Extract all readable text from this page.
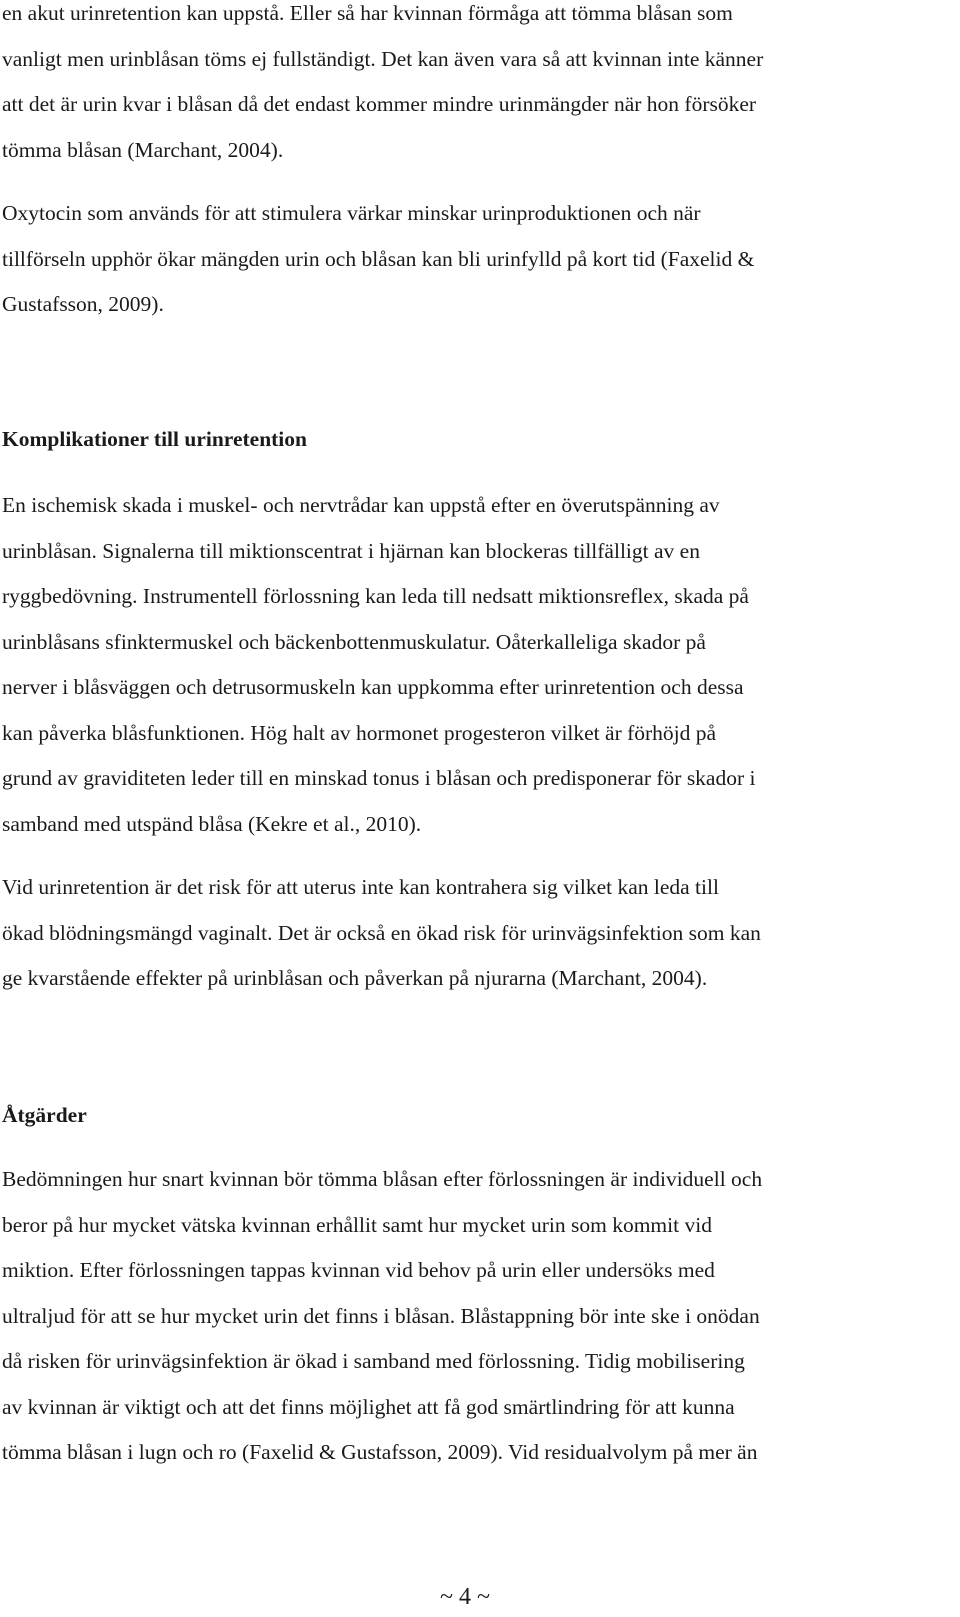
en akut urinretention kan uppstå. Eller så har kvinnan förmåga att tömma blåsan som
vanligt men urinblåsan töms ej fullständigt. Det kan även vara så att kvinnan inte känner
att det är urin kvar i blåsan då det endast kommer mindre urinmängder när hon försöker
tömma blåsan (Marchant, 2004).
Oxytocin som används för att stimulera värkar minskar urinproduktionen och när
tillförseln upphör ökar mängden urin och blåsan kan bli urinfylld på kort tid (Faxelid &
Gustafsson, 2009).
Komplikationer till urinretention
En ischemisk skada i muskel- och nervtrådar kan uppstå efter en överutspänning av
urinblåsan. Signalerna till miktionscentrat i hjärnan kan blockeras tillfälligt av en
ryggbedövning. Instrumentell förlossning kan leda till nedsatt miktionsreflex, skada på
urinblåsans sfinktermuskel och bäckenbottenmuskulatur. Oåterkalleliga skador på
nerver i blåsväggen och detrusormuskeln kan uppkomma efter urinretention och dessa
kan påverka blåsfunktionen. Hög halt av hormonet progesteron vilket är förhöjd på
grund av graviditeten leder till en minskad tonus i blåsan och predisponerar för skador i
samband med utspänd blåsa (Kekre et al., 2010).
Vid urinretention är det risk för att uterus inte kan kontrahera sig vilket kan leda till
ökad blödningsmängd vaginalt. Det är också en ökad risk för urinvägsinfektion som kan
ge kvarstående effekter på urinblåsan och påverkan på njurarna (Marchant, 2004).
Åtgärder
Bedömningen hur snart kvinnan bör tömma blåsan efter förlossningen är individuell och
beror på hur mycket vätska kvinnan erhållit samt hur mycket urin som kommit vid
miktion. Efter förlossningen tappas kvinnan vid behov på urin eller undersöks med
ultraljud för att se hur mycket urin det finns i blåsan. Blåstappning bör inte ske i onödan
då risken för urinvägsinfektion är ökad i samband med förlossning. Tidig mobilisering
av kvinnan är viktigt och att det finns möjlighet att få god smärtlindring för att kunna
tömma blåsan i lugn och ro (Faxelid & Gustafsson, 2009). Vid residualvolym på mer än
~ 4 ~
